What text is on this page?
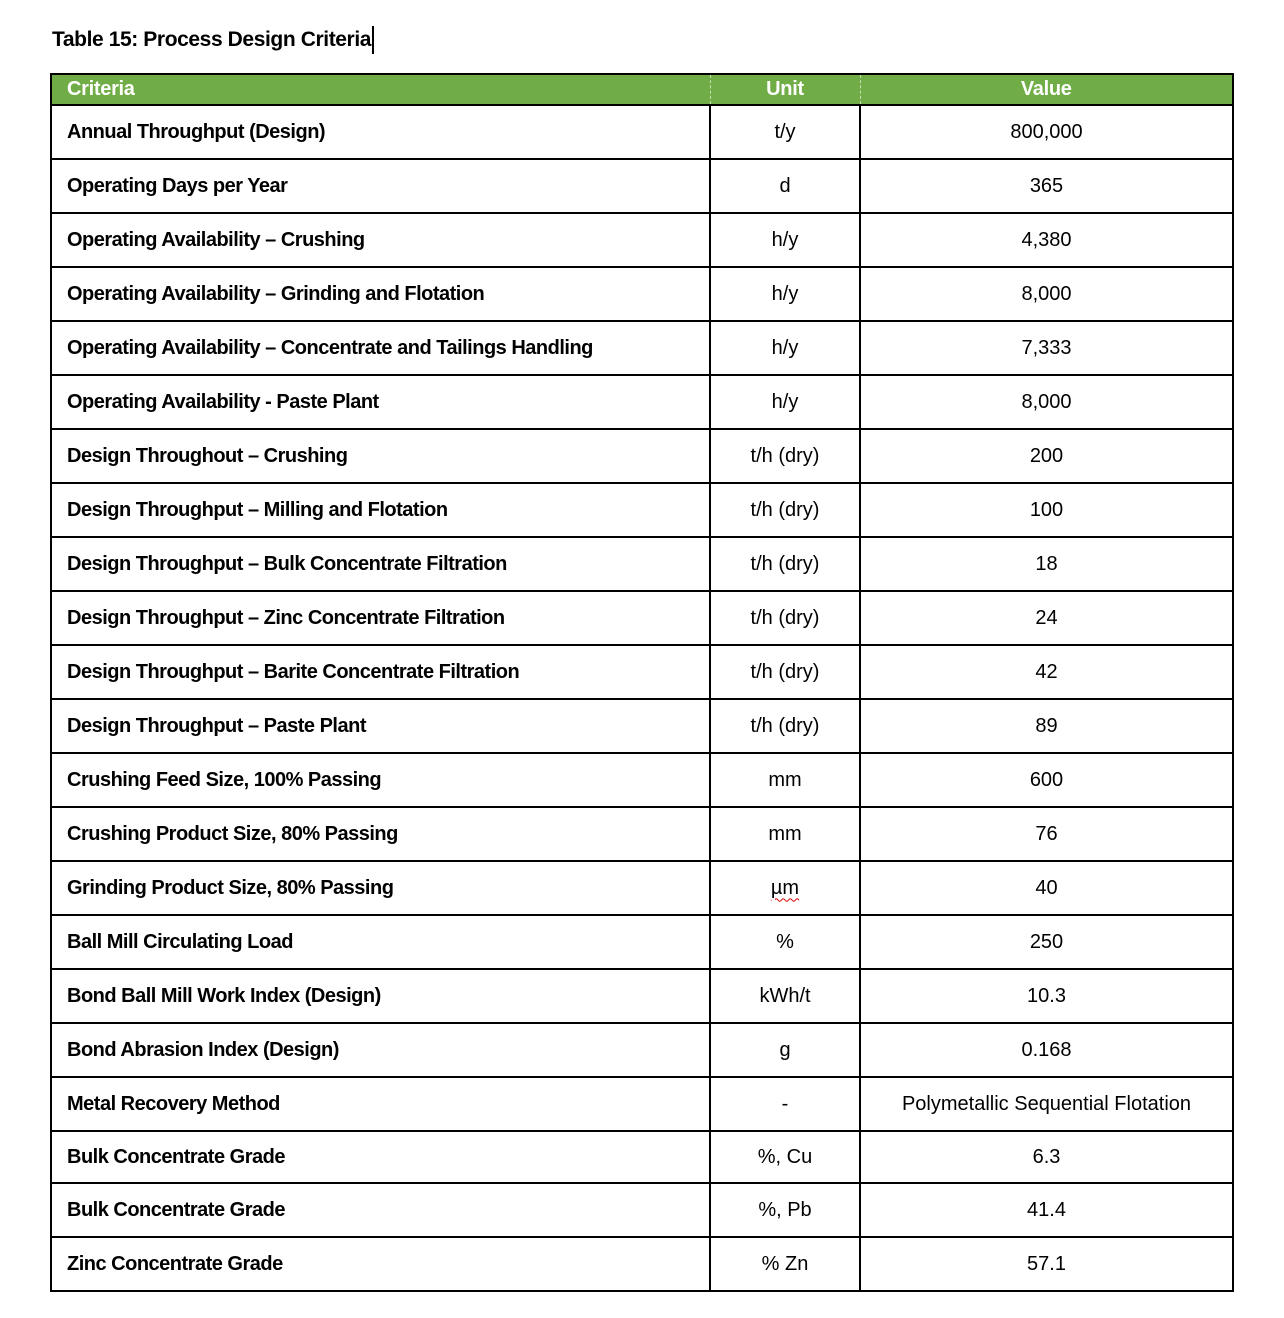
Table 15: Process Design Criteria
Criteria	Unit	Value
Annual Throughput (Design)	t/y	800,000
Operating Days per Year	d	365
Operating Availability – Crushing	h/y	4,380
Operating Availability – Grinding and Flotation	h/y	8,000
Operating Availability – Concentrate and Tailings Handling	h/y	7,333
Operating Availability - Paste Plant	h/y	8,000
Design Throughout – Crushing	t/h (dry)	200
Design Throughput – Milling and Flotation	t/h (dry)	100
Design Throughput – Bulk Concentrate Filtration	t/h (dry)	18
Design Throughput – Zinc Concentrate Filtration	t/h (dry)	24
Design Throughput – Barite Concentrate Filtration	t/h (dry)	42
Design Throughput – Paste Plant	t/h (dry)	89
Crushing Feed Size, 100% Passing	mm	600
Crushing Product Size, 80% Passing	mm	76
Grinding Product Size, 80% Passing	µm	40
Ball Mill Circulating Load	%	250
Bond Ball Mill Work Index (Design)	kWh/t	10.3
Bond Abrasion Index (Design)	g	0.168
Metal Recovery Method	-	Polymetallic Sequential Flotation
Bulk Concentrate Grade	%, Cu	6.3
Bulk Concentrate Grade	%, Pb	41.4
Zinc Concentrate Grade	% Zn	57.1
